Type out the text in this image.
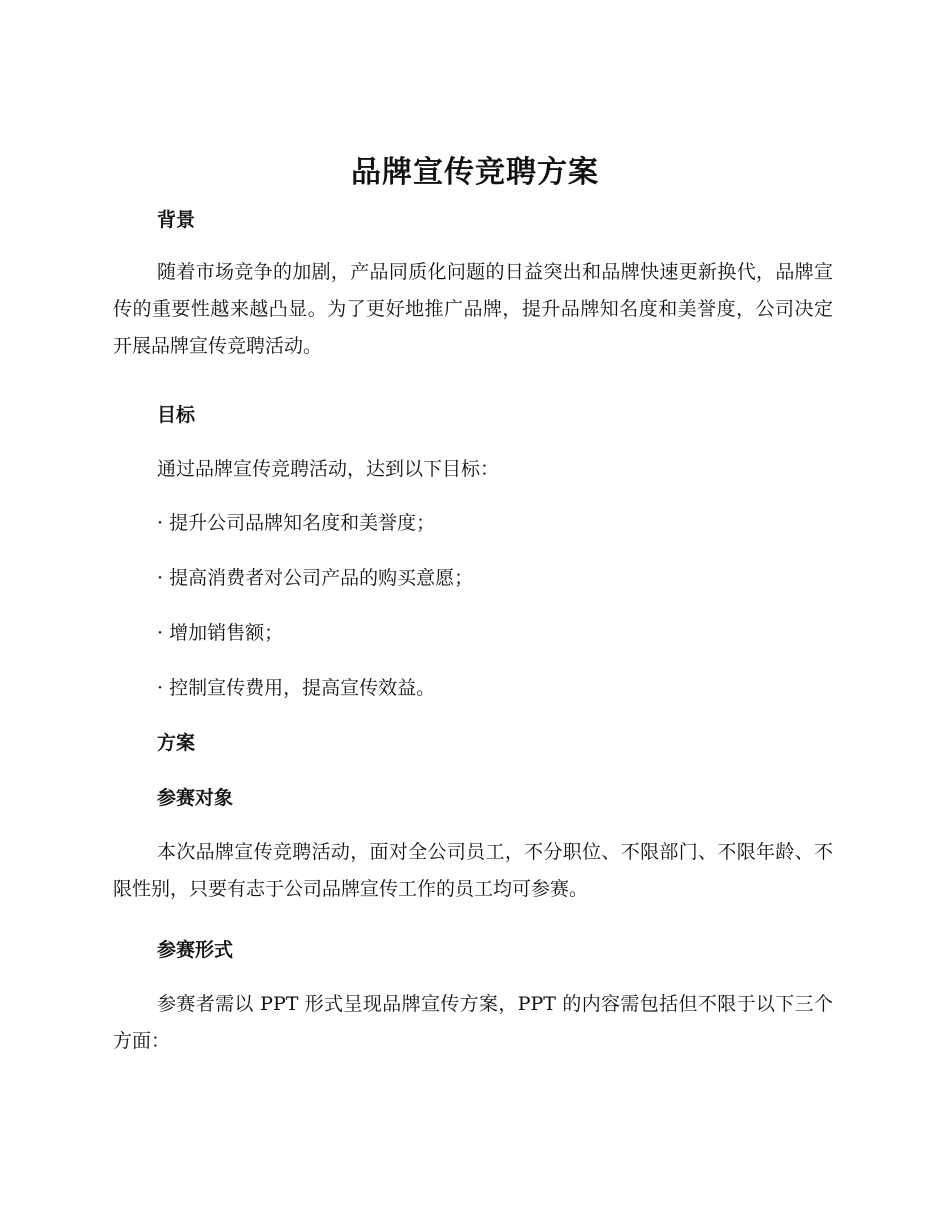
品牌宣传竞聘方案
背景
随着市场竞争的加剧，产品同质化问题的日益突出和品牌快速更新换代，品牌宣传的重要性越来越凸显。为了更好地推广品牌，提升品牌知名度和美誉度，公司决定开展品牌宣传竞聘活动。
目标
通过品牌宣传竞聘活动，达到以下目标：
· 提升公司品牌知名度和美誉度；
· 提高消费者对公司产品的购买意愿；
· 增加销售额；
· 控制宣传费用，提高宣传效益。
方案
参赛对象
本次品牌宣传竞聘活动，面对全公司员工，不分职位、不限部门、不限年龄、不限性别，只要有志于公司品牌宣传工作的员工均可参赛。
参赛形式
参赛者需以 PPT 形式呈现品牌宣传方案，PPT 的内容需包括但不限于以下三个方面：
